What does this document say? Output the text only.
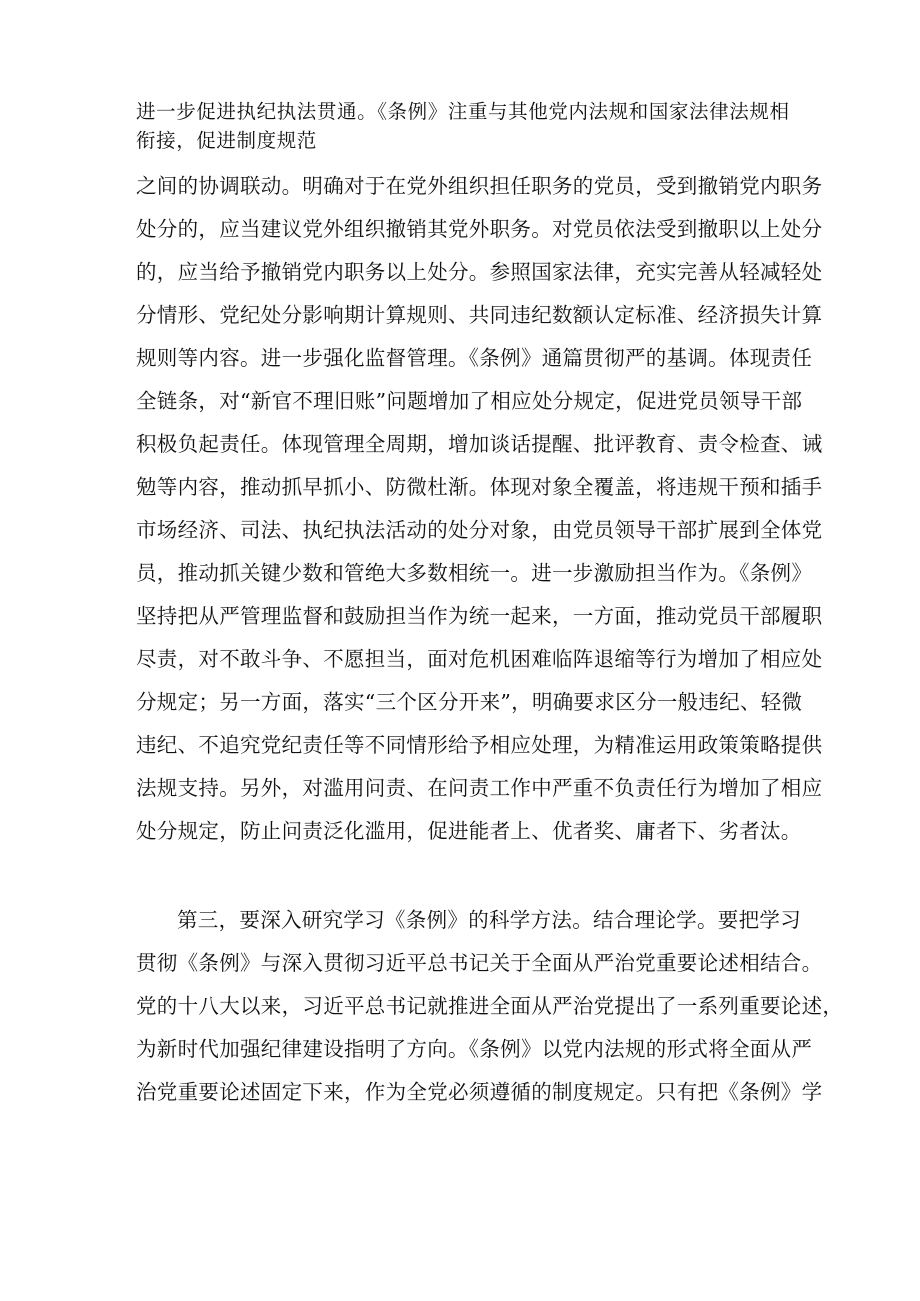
进一步促进执纪执法贯通。《条例》注重与其他党内法规和国家法律法规相
衔接，促进制度规范
之间的协调联动。明确对于在党外组织担任职务的党员，受到撤销党内职务
处分的，应当建议党外组织撤销其党外职务。对党员依法受到撤职以上处分
的，应当给予撤销党内职务以上处分。参照国家法律，充实完善从轻减轻处
分情形、党纪处分影响期计算规则、共同违纪数额认定标准、经济损失计算
规则等内容。进一步强化监督管理。《条例》通篇贯彻严的基调。体现责任
全链条，对“新官不理旧账”问题增加了相应处分规定，促进党员领导干部
积极负起责任。体现管理全周期，增加谈话提醒、批评教育、责令检查、诫
勉等内容，推动抓早抓小、防微杜渐。体现对象全覆盖，将违规干预和插手
市场经济、司法、执纪执法活动的处分对象，由党员领导干部扩展到全体党
员，推动抓关键少数和管绝大多数相统一。进一步激励担当作为。《条例》
坚持把从严管理监督和鼓励担当作为统一起来，一方面，推动党员干部履职
尽责，对不敢斗争、不愿担当，面对危机困难临阵退缩等行为增加了相应处
分规定；另一方面，落实“三个区分开来”，明确要求区分一般违纪、轻微
违纪、不追究党纪责任等不同情形给予相应处理，为精准运用政策策略提供
法规支持。另外，对滥用问责、在问责工作中严重不负责任行为增加了相应
处分规定，防止问责泛化滥用，促进能者上、优者奖、庸者下、劣者汰。
第三，要深入研究学习《条例》的科学方法。结合理论学。要把学习
贯彻《条例》与深入贯彻习近平总书记关于全面从严治党重要论述相结合。
党的十八大以来，习近平总书记就推进全面从严治党提出了一系列重要论述，
为新时代加强纪律建设指明了方向。《条例》以党内法规的形式将全面从严
治党重要论述固定下来，作为全党必须遵循的制度规定。只有把《条例》学
